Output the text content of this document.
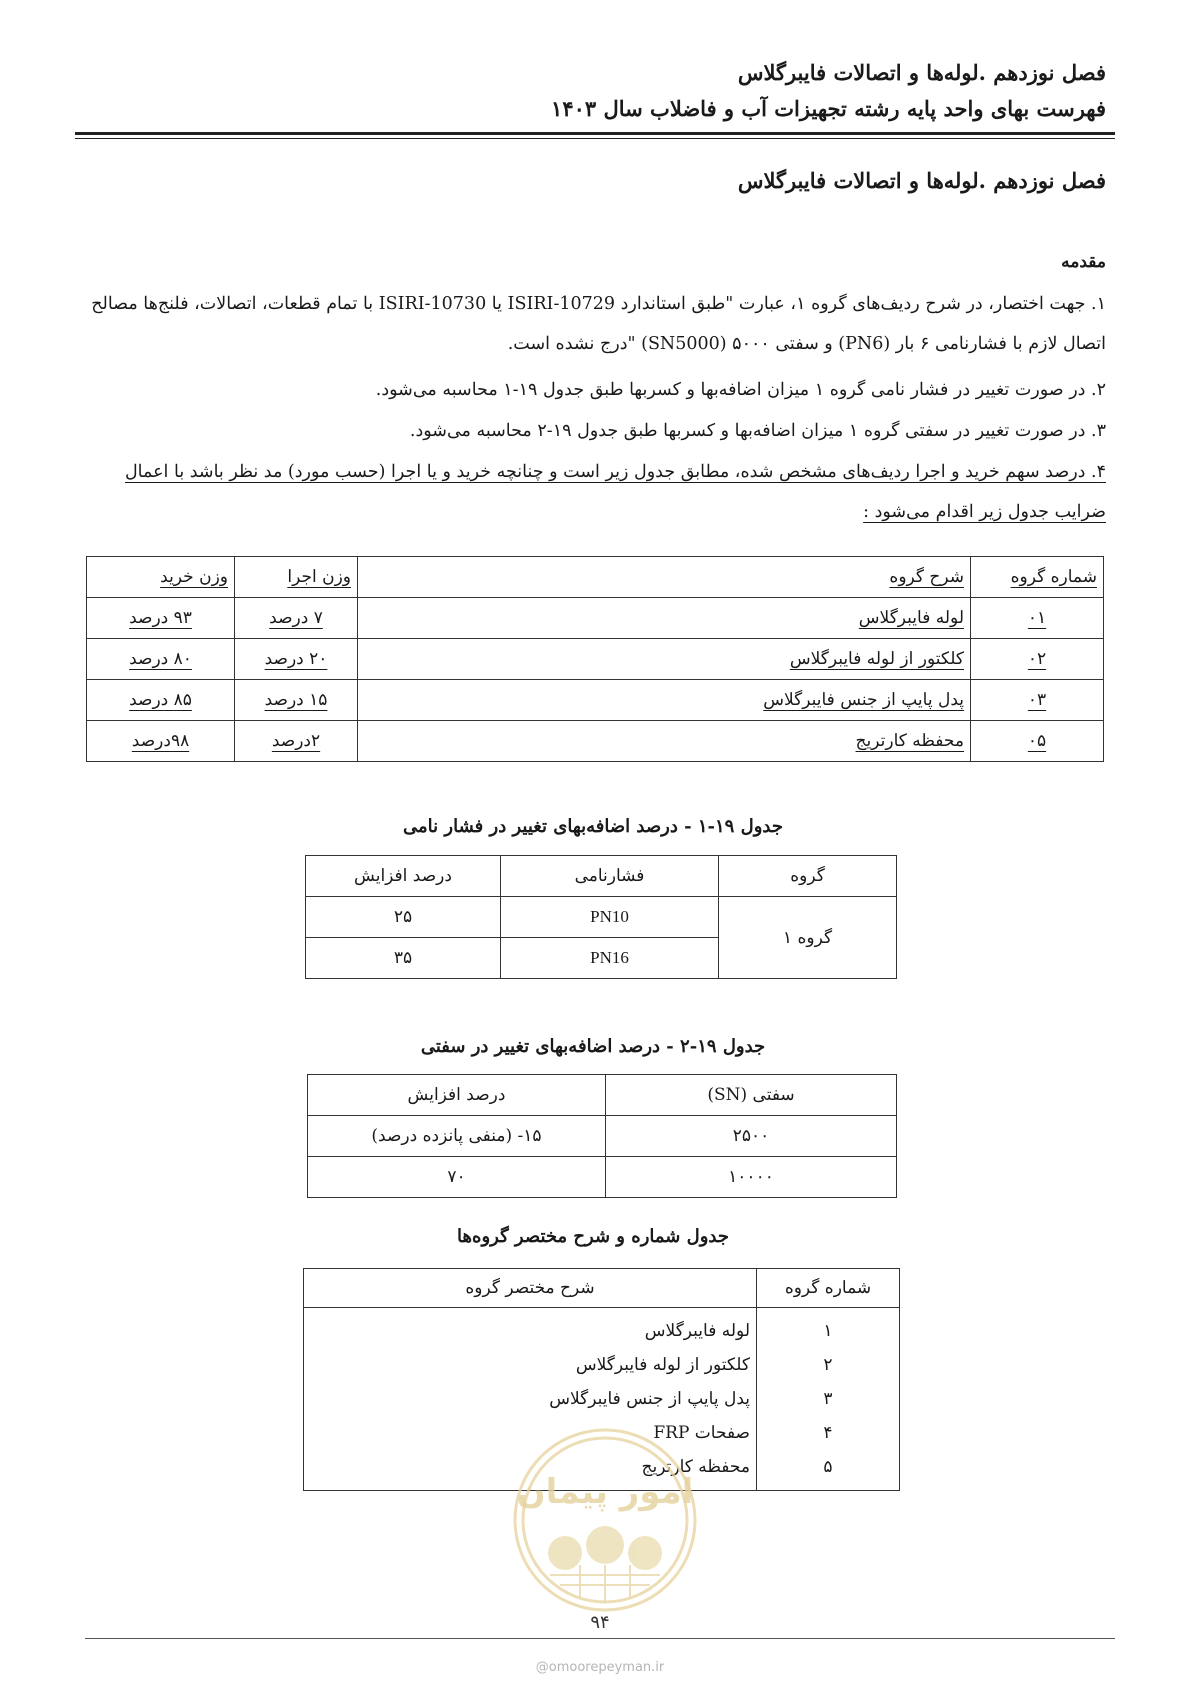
فصل نوزدهم .لوله‌ها و اتصالات فایبرگلاس
فهرست بهای واحد پایه رشته تجهیزات آب و فاضلاب سال ۱۴۰۳
فصل نوزدهم .لوله‌ها و اتصالات فایبرگلاس
مقدمه
۱. جهت اختصار، در شرح ردیف‌های گروه ۱، عبارت "طبق استاندارد ISIRI-10729 یا ISIRI-10730 با تمام قطعات، اتصالات، فلنج‌ها مصالح اتصال لازم با فشارنامی ۶ بار (PN6) و سفتی ۵۰۰۰ (SN5000) "درج نشده است.
۲. در صورت تغییر در فشار نامی گروه ۱ میزان اضافه‌بها و کسربها طبق جدول ۱۹-۱ محاسبه می‌شود.
۳. در صورت تغییر در سفتی گروه ۱ میزان اضافه‌بها و کسربها طبق جدول ۱۹-۲ محاسبه می‌شود.
۴. درصد سهم خرید و اجرا ردیف‌های مشخص شده، مطابق جدول زیر است و چنانچه خرید و یا اجرا (حسب مورد) مد نظر باشد با اعمال ضرایب جدول زیر اقدام می‌شود :
شماره گروه	شرح گروه	وزن اجرا	وزن خرید
۰۱	لوله فایبرگلاس	۷ درصد	۹۳ درصد
۰۲	کلکتور از لوله فایبرگلاس	۲۰ درصد	۸۰ درصد
۰۳	پدل پایپ از جنس فایبرگلاس	۱۵ درصد	۸۵ درصد
۰۵	محفظه کارتریج	۲درصد	۹۸درصد
جدول ۱۹-۱ - درصد اضافه‌بهای تغییر در فشار نامی
گروه	فشارنامی	درصد افزایش
گروه ۱	PN10	۲۵
	PN16	۳۵
جدول ۱۹-۲ - درصد اضافه‌بهای تغییر در سفتی
سفتی (SN)	درصد افزایش
۲۵۰۰	۱۵- (منفی پانزده درصد)
۱۰۰۰۰	۷۰
جدول شماره و شرح مختصر گروه‌ها
شماره گروه	شرح مختصر گروه
۱	لوله فایبرگلاس
۲	کلکتور از لوله فایبرگلاس
۳	پدل پایپ از جنس فایبرگلاس
۴	صفحات FRP
۵	محفظه کارتریج
امور پیمان
۹۴
@omoorepeyman.ir
